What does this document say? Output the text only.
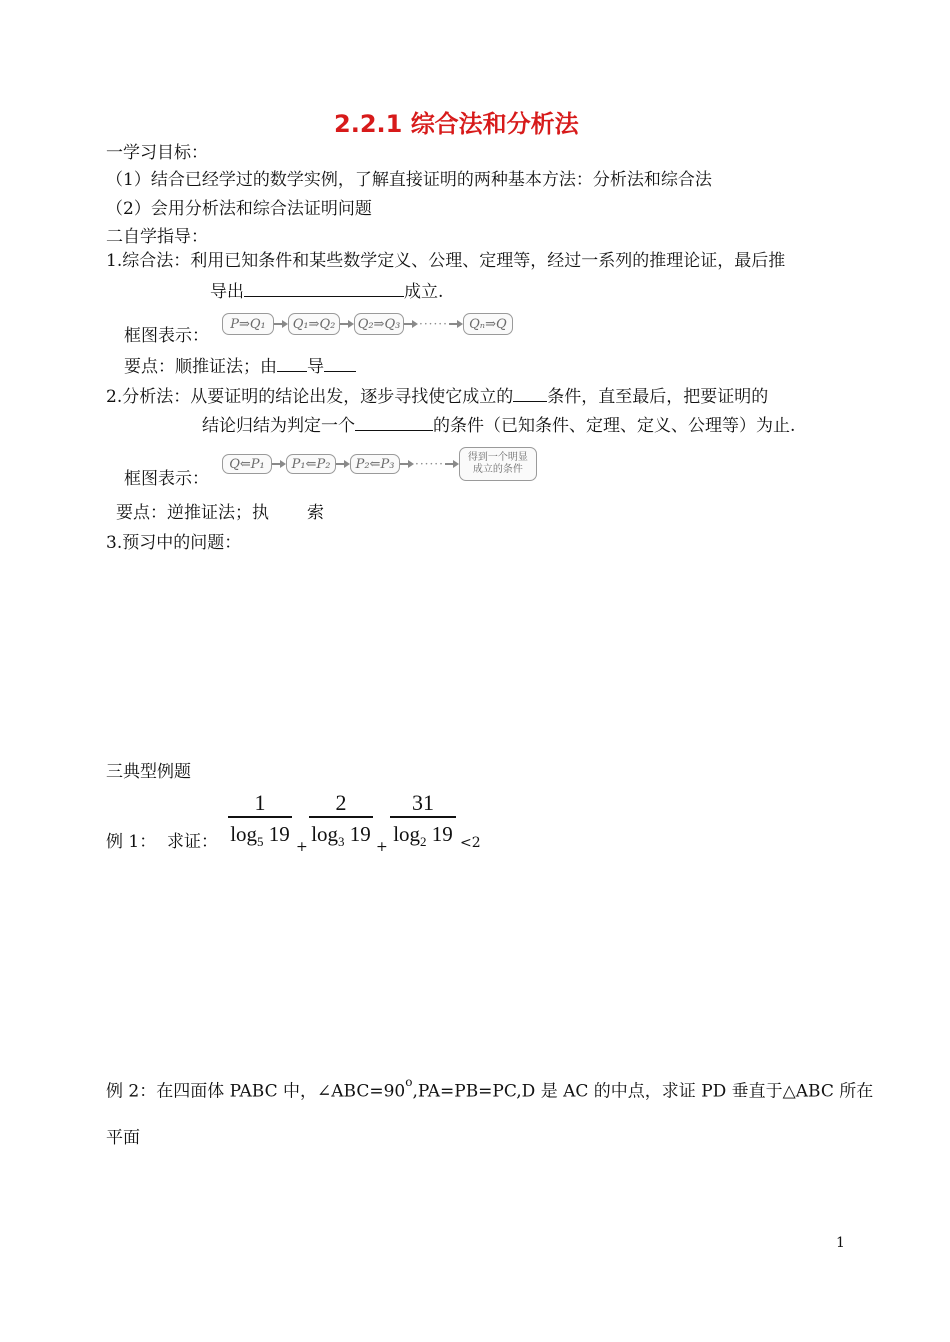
2.2.1 综合法和分析法
一学习目标：
（1）结合已经学过的数学实例，了解直接证明的两种基本方法：分析法和综合法
（2）会用分析法和综合法证明问题
二自学指导：
1.综合法：利用已知条件和某些数学定义、公理、定理等，经过一系列的推理论证，最后推
导出	成立.
框图表示：
P⇒Q₁	Q₁⇒Q₂	Q₂⇒Q₃	······	Qₙ⇒Q
要点：顺推证法；由 导
2.分析法：从要证明的结论出发，逐步寻找使它成立的 条件，直至最后，把要证明的
结论归结为判定一个	的条件（已知条件、定理、定义、公理等）为止.
框图表示：
Q⇐P₁	P₁⇐P₂	P₂⇐P₃	······ 得到一个明显
成立的条件
要点：逆推证法；执 索
3.预习中的问题：
三典型例题
例 1： 求证：
1
$\log_5 19$
+
2
$\log_3 19$
+
31
$\log_2 19 <2$
例 2：在四面体 PABC 中，$\angle ABC=90^o,PA=PB=PC,D$ 是 AC 的中点，求证 PD 垂直于△ABC 所在
平面
1
